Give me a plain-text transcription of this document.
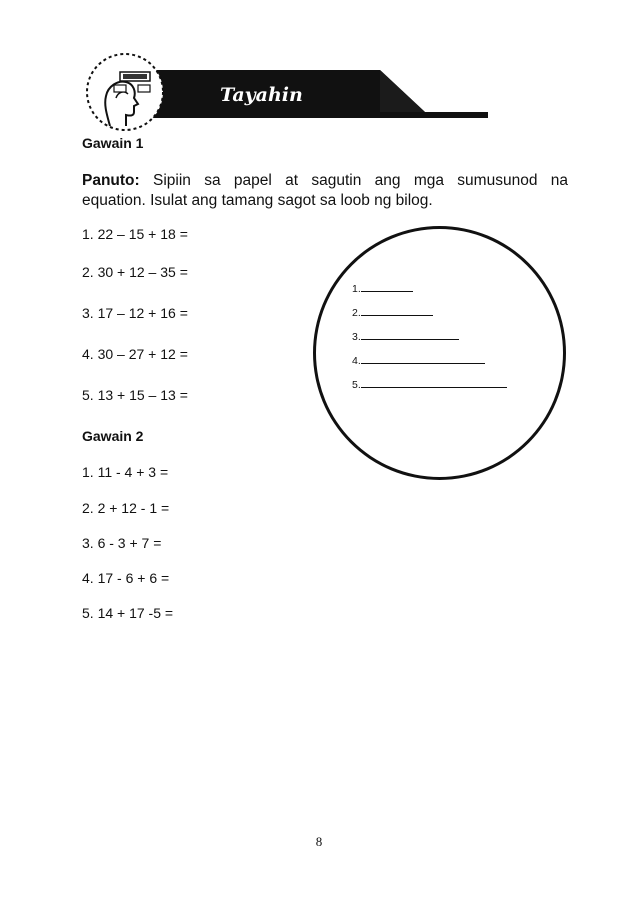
Tayahin
Gawain 1
Panuto: Sipiin sa papel at sagutin ang mga sumusunod na
equation. Isulat ang tamang sagot sa loob ng bilog.
1. 22 – 15 + 18 =
2. 30 + 12 – 35 =
3. 17 – 12 + 16 =
4. 30 – 27 + 12 =
5. 13 + 15 – 13 =
1.
2.
3.
4.
5.
Gawain 2
1. 11 - 4 + 3 =
2. 2 + 12 - 1 =
3. 6 - 3 + 7 =
4. 17 - 6 + 6 =
5. 14 + 17 -5 =
8
